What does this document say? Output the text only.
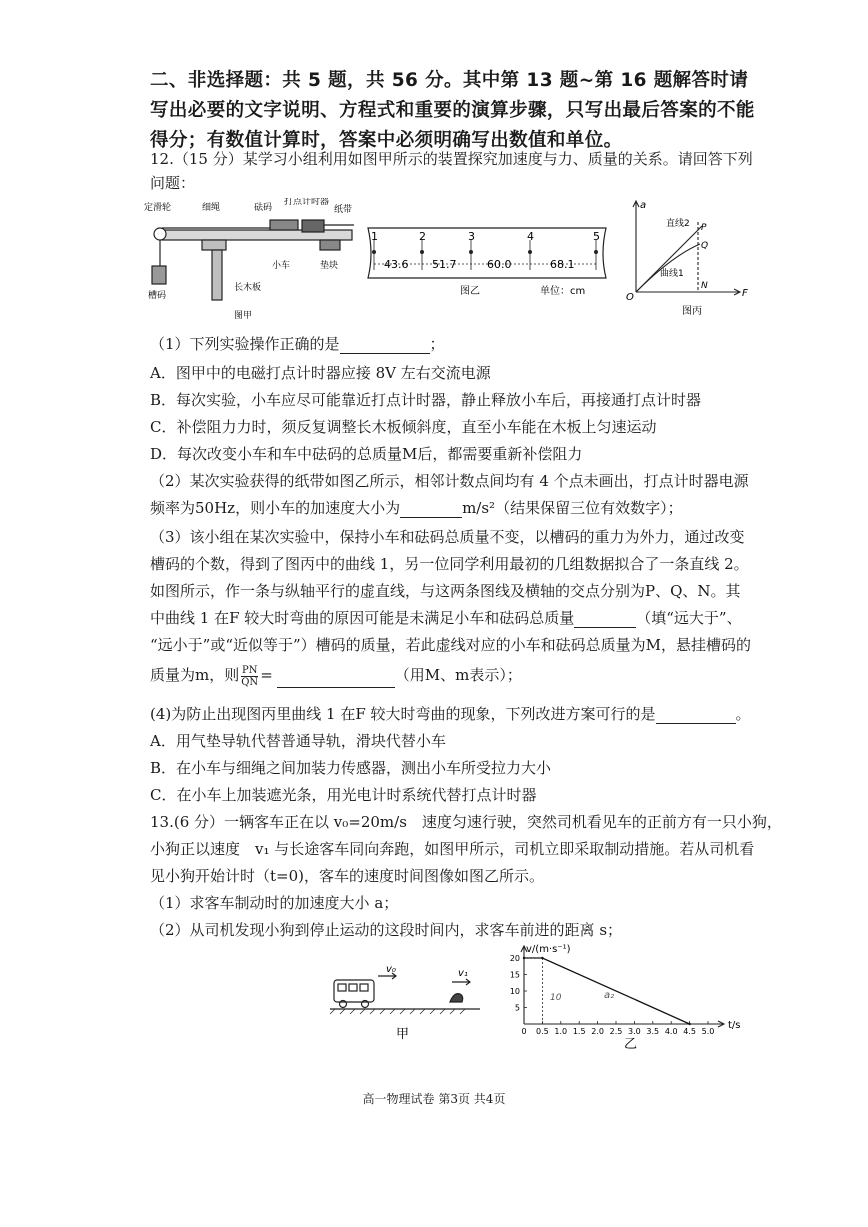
二、非选择题：共 5 题，共 56 分。其中第 13 题~第 16 题解答时请写出必要的文字说明、方程式和重要的演算步骤，只写出最后答案的不能得分；有数值计算时，答案中必须明确写出数值和单位。
12.（15 分）某学习小组利用如图甲所示的装置探究加速度与力、质量的关系。请回答下列
问题：
定滑轮	细绳	砝码
打点计时器
纸带
小车
长木板
槽码
垫块
图甲
1	2	3	4	5
43.6 51.7	60.0	68.1
图乙	单位：cm
a
F
O
直线2
曲线1
P
Q
N
图丙
（1）下列实验操作正确的是	；
A．图甲中的电磁打点计时器应接 8V 左右交流电源
B．每次实验，小车应尽可能靠近打点计时器，静止释放小车后，再接通打点计时器
C．补偿阻力力时，须反复调整长木板倾斜度，直至小车能在木板上匀速运动
D．每次改变小车和车中砝码的总质量M后，都需要重新补偿阻力
（2）某次实验获得的纸带如图乙所示，相邻计数点间均有 4 个点未画出，打点计时器电源
频率为50Hz，则小车的加速度大小为	m/s²（结果保留三位有效数字）；
（3）该小组在某次实验中，保持小车和砝码总质量不变，以槽码的重力为外力，通过改变
槽码的个数，得到了图丙中的曲线 1，另一位同学利用最初的几组数据拟合了一条直线 2。
如图所示，作一条与纵轴平行的虚直线，与这两条图线及横轴的交点分别为P、Q、N。其
中曲线 1 在F 较大时弯曲的原因可能是未满足小车和砝码总质量	（填“远大于”、
“远小于”或“近似等于”）槽码的质量，若此虚线对应的小车和砝码总质量为M，悬挂槽码的
质量为m，则 $\frac{PN}{QN}$ =	（用M、m表示）；
(4)为防止出现图丙里曲线 1 在F 较大时弯曲的现象，下列改进方案可行的是	。
A．用气垫导轨代替普通导轨，滑块代替小车
B．在小车与细绳之间加装力传感器，测出小车所受拉力大小
C．在小车上加装遮光条，用光电计时系统代替打点计时器
13.(6 分）一辆客车正在以 v₀=20m/s　速度匀速行驶，突然司机看见车的正前方有一只小狗，
小狗正以速度　v₁ 与长途客车同向奔跑，如图甲所示，司机立即采取制动措施。若从司机看
见小狗开始计时（t=0)，客车的速度时间图像如图乙所示。
（1）求客车制动时的加速度大小 a；
（2）从司机发现小狗到停止运动的这段时间内，求客车前进的距离 s；
v₀	v₁
甲	0 0.5 1.0 1.5 2.0 2.5 3.0 3.5 4.0 4.5 5.0
5
10
15
20
v/(m·s⁻¹)
t/s
10	a₂
乙
高一物理试卷 第3页 共4页
